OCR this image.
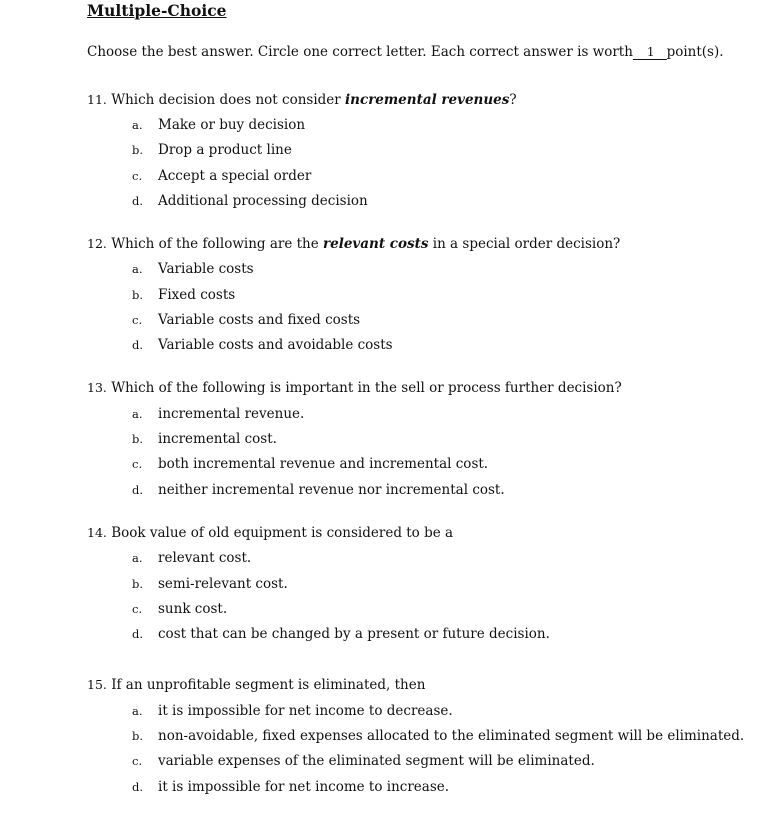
Multiple-Choice
Choose the best answer. Circle one correct letter. Each correct answer is worth 1 point(s).
11. Which decision does not consider incremental revenues?
a. Make or buy decision
b. Drop a product line
c. Accept a special order
d. Additional processing decision
12. Which of the following are the relevant costs in a special order decision?
a. Variable costs
b. Fixed costs
c. Variable costs and fixed costs
d. Variable costs and avoidable costs
13. Which of the following is important in the sell or process further decision?
a. incremental revenue.
b. incremental cost.
c. both incremental revenue and incremental cost.
d. neither incremental revenue nor incremental cost.
14. Book value of old equipment is considered to be a
a. relevant cost.
b. semi-relevant cost.
c. sunk cost.
d. cost that can be changed by a present or future decision.
15. If an unprofitable segment is eliminated, then
a. it is impossible for net income to decrease.
b. non-avoidable, fixed expenses allocated to the eliminated segment will be eliminated.
c. variable expenses of the eliminated segment will be eliminated.
d. it is impossible for net income to increase.
